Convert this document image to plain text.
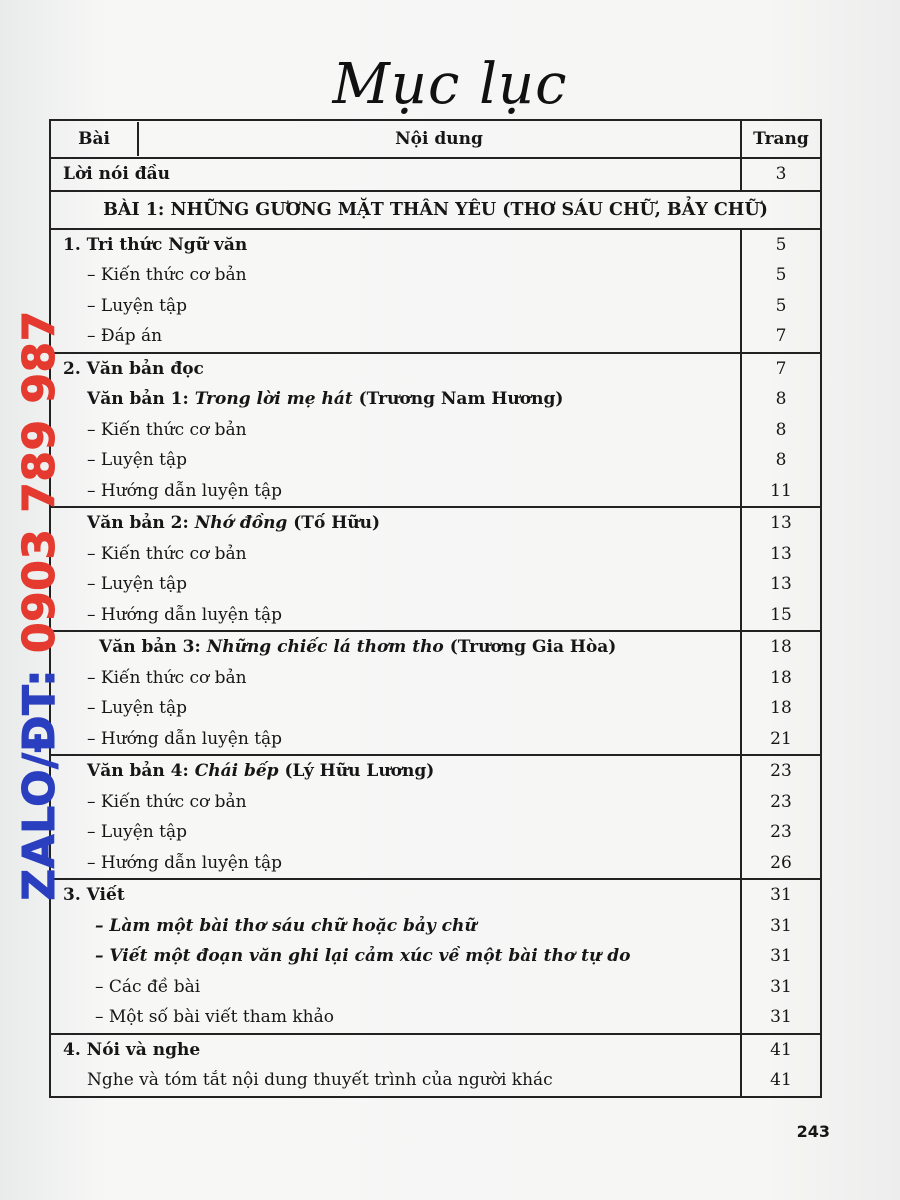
Mục lục
Bài Nội dung	Trang
Lời nói đầu	3
BÀI 1: NHỮNG GƯƠNG MẶT THÂN YÊU (THƠ SÁU CHỮ, BẢY CHỮ)	
1. Tri thức Ngữ văn	5
– Kiến thức cơ bản	5
– Luyện tập	5
– Đáp án	7
2. Văn bản đọc	7
Văn bản 1: Trong lời mẹ hát (Trương Nam Hương)	8
– Kiến thức cơ bản	8
– Luyện tập	8
– Hướng dẫn luyện tập	11
Văn bản 2: Nhớ đồng (Tố Hữu)	13
– Kiến thức cơ bản	13
– Luyện tập	13
– Hướng dẫn luyện tập	15
Văn bản 3: Những chiếc lá thơm tho (Trương Gia Hòa)	18
– Kiến thức cơ bản	18
– Luyện tập	18
– Hướng dẫn luyện tập	21
Văn bản 4: Chái bếp (Lý Hữu Lương)	23
– Kiến thức cơ bản	23
– Luyện tập	23
– Hướng dẫn luyện tập	26
3. Viết	31
– Làm một bài thơ sáu chữ hoặc bảy chữ	31
– Viết một đoạn văn ghi lại cảm xúc về một bài thơ tự do	31
– Các đề bài	31
– Một số bài viết tham khảo	31
4. Nói và nghe	41
Nghe và tóm tắt nội dung thuyết trình của người khác	41
243
ZALO/ĐT: 0903 789 987
